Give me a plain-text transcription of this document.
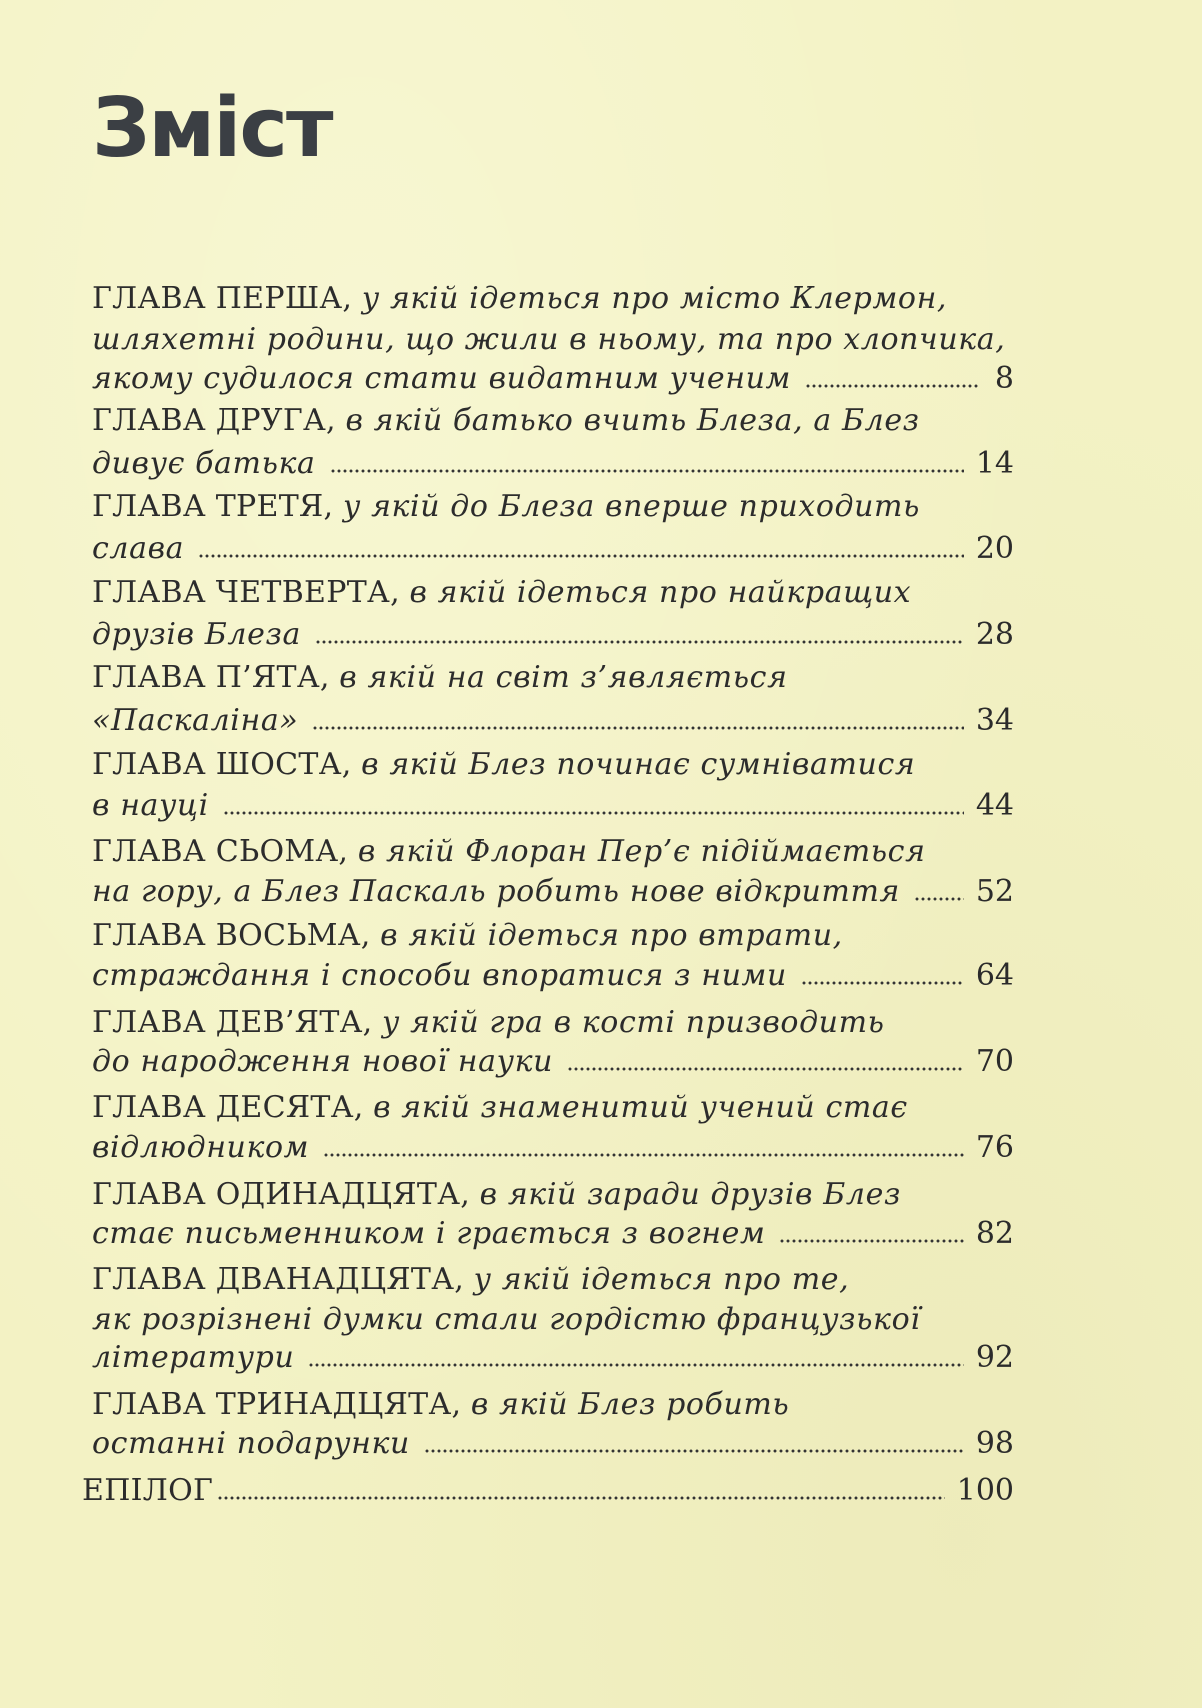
Зміст
ГЛАВА ПЕРША, у якій ідеться про місто Клермон,
шляхетні родини, що жили в ньому, та про хлопчика,
якому судилося стати видатним ученим	8
ГЛАВА ДРУГА, в якій батько вчить Блеза, а Блез
дивує батька	14
ГЛАВА ТРЕТЯ, у якій до Блеза вперше приходить
слава	20
ГЛАВА ЧЕТВЕРТА, в якій ідеться про найкращих
друзів Блеза	28
ГЛАВА П’ЯТА, в якій на світ з’являється
«Паскаліна»	34
ГЛАВА ШОСТА, в якій Блез починає сумніватися
в науці	44
ГЛАВА СЬОМА, в якій Флоран Пер’є підіймається
на гору, а Блез Паскаль робить нове відкриття	52
ГЛАВА ВОСЬМА, в якій ідеться про втрати,
страждання і способи впоратися з ними	64
ГЛАВА ДЕВ’ЯТА, у якій гра в кості призводить
до народження нової науки	70
ГЛАВА ДЕСЯТА, в якій знаменитий учений стає
відлюдником	76
ГЛАВА ОДИНАДЦЯТА, в якій заради друзів Блез
стає письменником і грається з вогнем	82
ГЛАВА ДВАНАДЦЯТА, у якій ідеться про те,
як розрізнені думки стали гордістю французької
літератури	92
ГЛАВА ТРИНАДЦЯТА, в якій Блез робить
останні подарунки	98
ЕПІЛОГ	100
